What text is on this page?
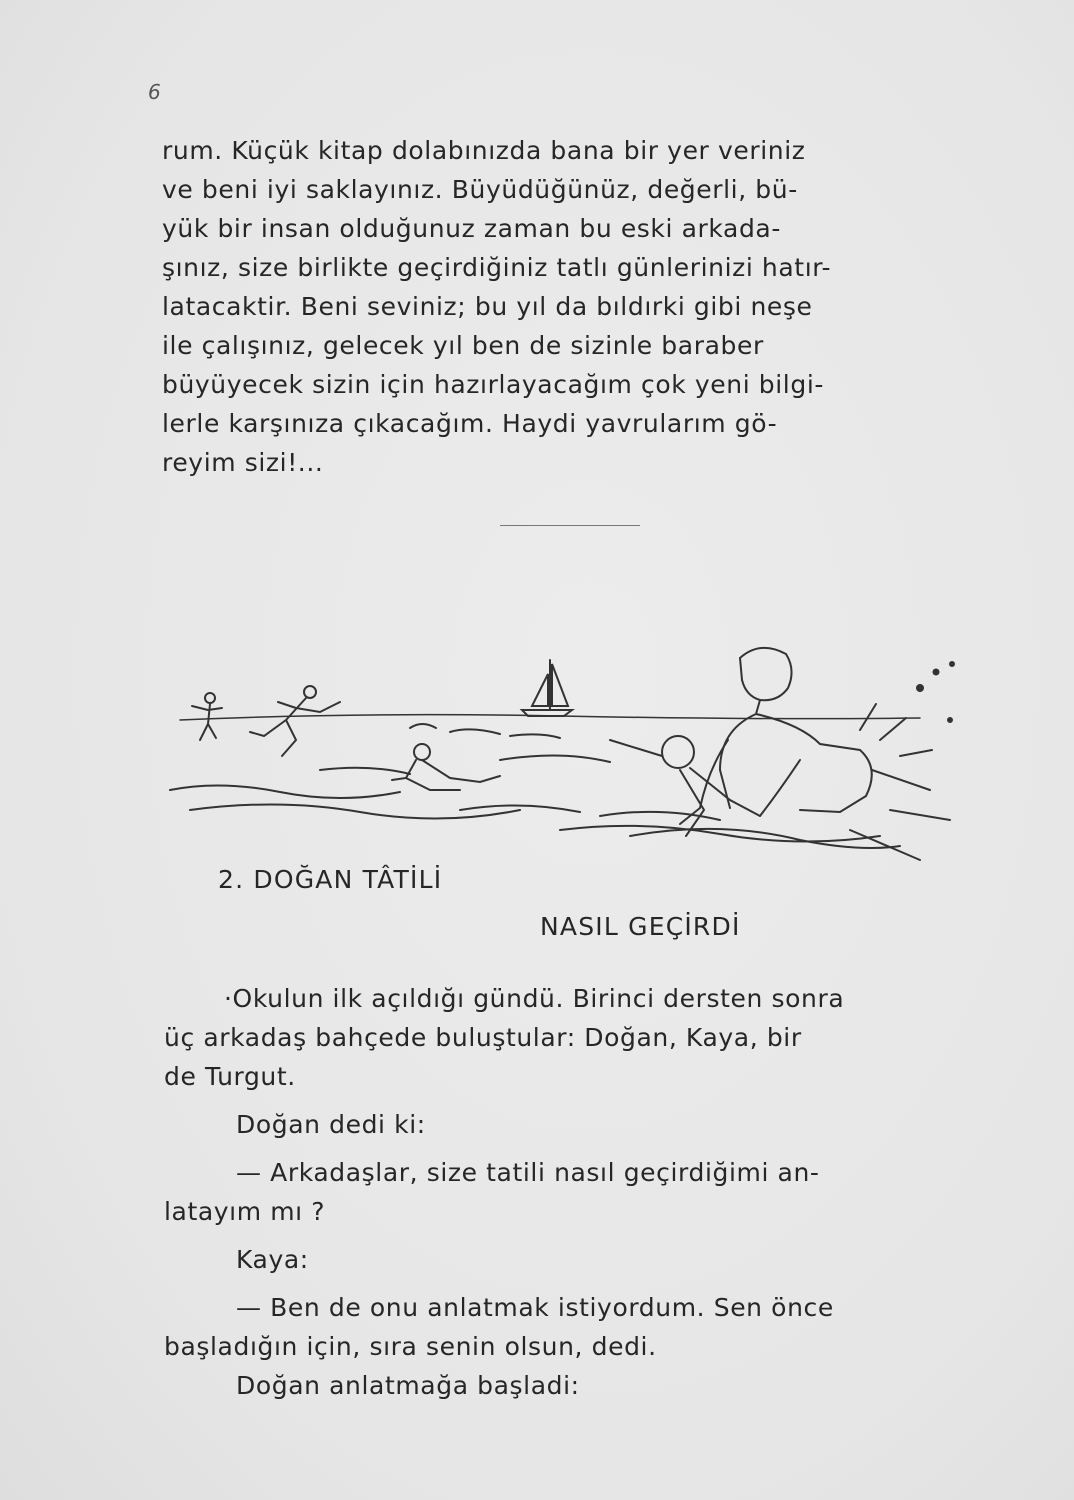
6
rum. Küçük kitap dolabınızda bana bir yer veriniz
ve beni iyi saklayınız. Büyüdüğünüz, değerli, bü-
yük bir insan olduğunuz zaman bu eski arkada-
şınız, size birlikte geçirdiğiniz tatlı günlerinizi hatır-
latacaktir. Beni seviniz; bu yıl da bıldırki gibi neşe
ile çalışınız, gelecek yıl ben de sizinle baraber
büyüyecek sizin için hazırlayacağım çok yeni bilgi-
lerle karşınıza çıkacağım. Haydi yavrularım gö-
reyim sizi!...
2. DOĞAN TÂTİLİ
NASIL GEÇİRDİ
·Okulun ilk açıldığı gündü. Birinci dersten sonra
üç arkadaş bahçede buluştular: Doğan, Kaya, bir
de Turgut.
Doğan dedi ki:
— Arkadaşlar, size tatili nasıl geçirdiğimi an-
latayım mı ?
Kaya:
— Ben de onu anlatmak istiyordum. Sen önce
başladığın için, sıra senin olsun, dedi.
Doğan anlatmağa başladi:
